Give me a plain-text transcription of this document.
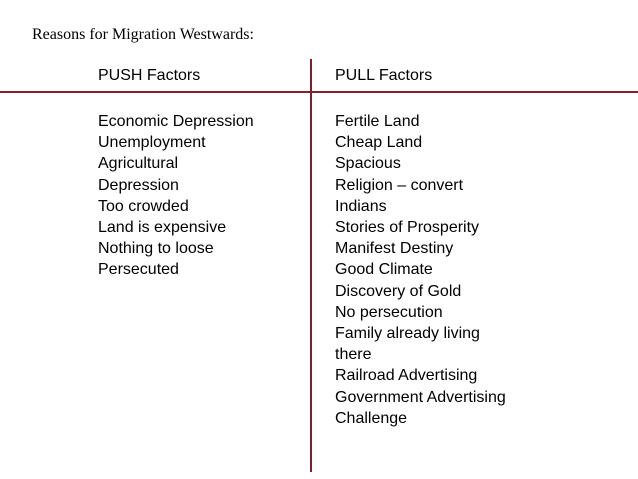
Reasons for Migration Westwards:
PUSH Factors	PULL Factors
Economic Depression
Unemployment
Agricultural
Depression
Too crowded
Land is expensive
Nothing to loose
Persecuted
Fertile Land
Cheap Land
Spacious
Religion – convert
Indians
Stories of Prosperity
Manifest Destiny
Good Climate
Discovery of Gold
No persecution
Family already living
there
Railroad Advertising
Government Advertising
Challenge
